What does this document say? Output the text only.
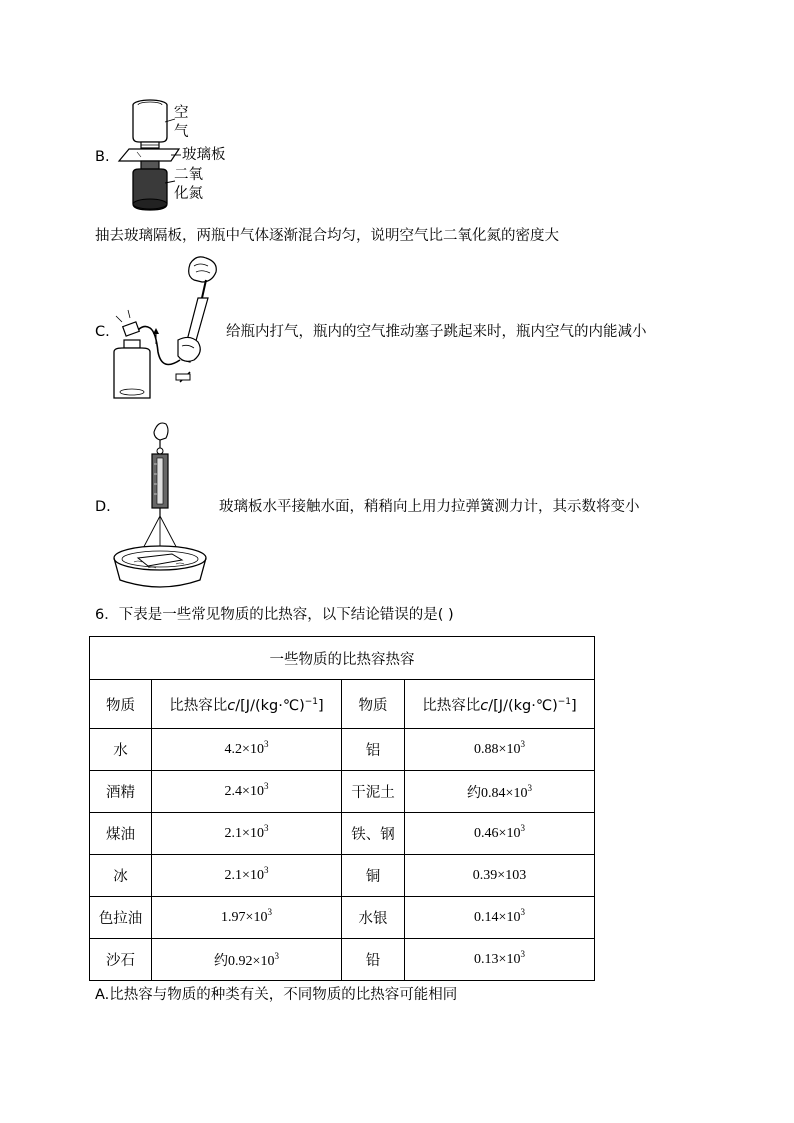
B.
空
气
玻璃板
二氧
化氮
抽去玻璃隔板，两瓶中气体逐渐混合均匀，说明空气比二氧化氮的密度大
C.	给瓶内打气，瓶内的空气推动塞子跳起来时，瓶内空气的内能减小
D.	玻璃板水平接触水面，稍稍向上用力拉弹簧测力计，其示数将变小
6．下表是一些常见物质的比热容，以下结论错误的是( )
一些物质的比热容热容			
物质	比热容比c/[J/(kg·℃)$^{-1}$]	物质	比热容比c/[J/(kg·℃)$^{-1}$]
水	$4.2\times 10^3$	铝	$0.88\times 10^3$
酒精	$2.4\times 10^3$	干泥土	约$0.84\times 10^3$
煤油	$2.1\times 10^3$	铁、钢	$0.46\times 10^3$
冰	$2.1\times 10^3$	铜	0.39×103
色拉油	$1.97\times 10^3$	水银	$0.14\times 10^3$
沙石	约$0.92\times 10^3$	铅	$0.13\times 10^3$
A.比热容与物质的种类有关，不同物质的比热容可能相同
